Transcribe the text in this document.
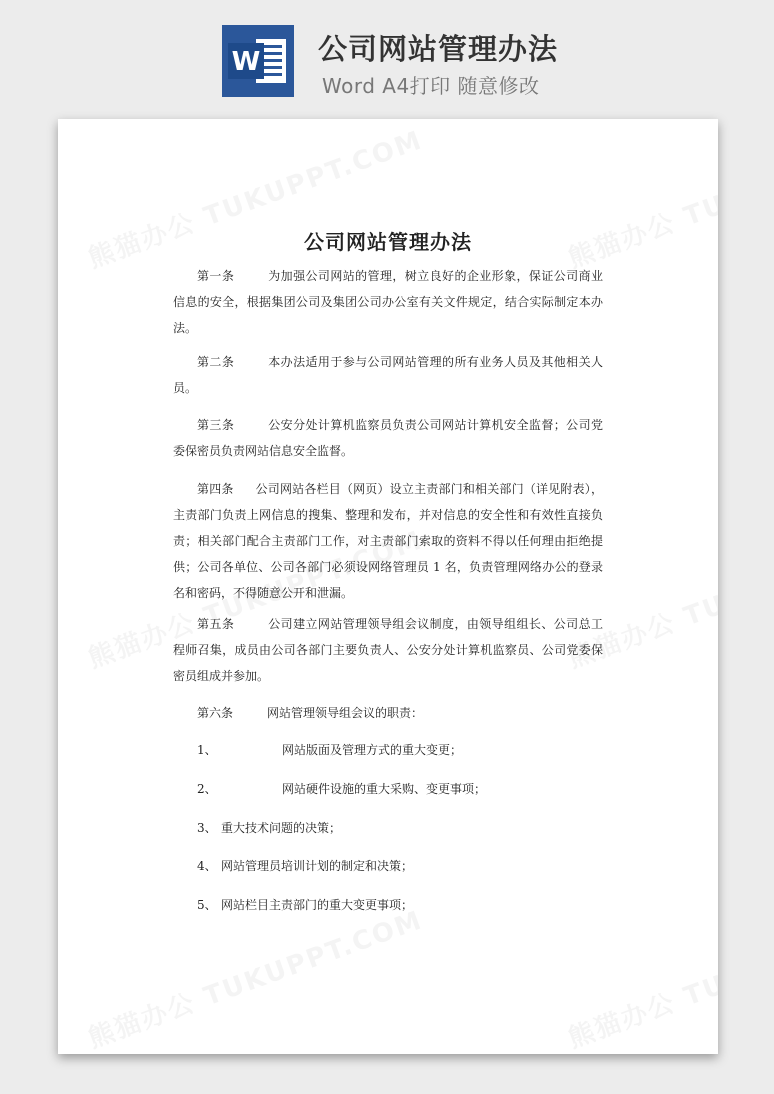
W 公司网站管理办法
Word A4打印 随意修改
公司网站管理办法
第一条	为加强公司网站的管理，树立良好的企业形象，保证公司商业信息的安全，根据集团公司及集团公司办公室有关文件规定，结合实际制定本办法。
第二条	本办法适用于参与公司网站管理的所有业务人员及其他相关人员。
第三条	公安分处计算机监察员负责公司网站计算机安全监督；公司党委保密员负责网站信息安全监督。
第四条 公司网站各栏目（网页）设立主责部门和相关部门（详见附表），主责部门负责上网信息的搜集、整理和发布，并对信息的安全性和有效性直接负责；相关部门配合主责部门工作，对主责部门索取的资料不得以任何理由拒绝提供；公司各单位、公司各部门必须设网络管理员 1 名，负责管理网络办公的登录名和密码，不得随意公开和泄漏。
第五条	公司建立网站管理领导组会议制度，由领导组组长、公司总工程师召集，成员由公司各部门主要负责人、公安分处计算机监察员、公司党委保密员组成并参加。
第六条	网站管理领导组会议的职责：
1、	网站版面及管理方式的重大变更；
2、	网站硬件设施的重大采购、变更事项；
3、 重大技术问题的决策；
4、 网站管理员培训计划的制定和决策；
5、 网站栏目主责部门的重大变更事项；
